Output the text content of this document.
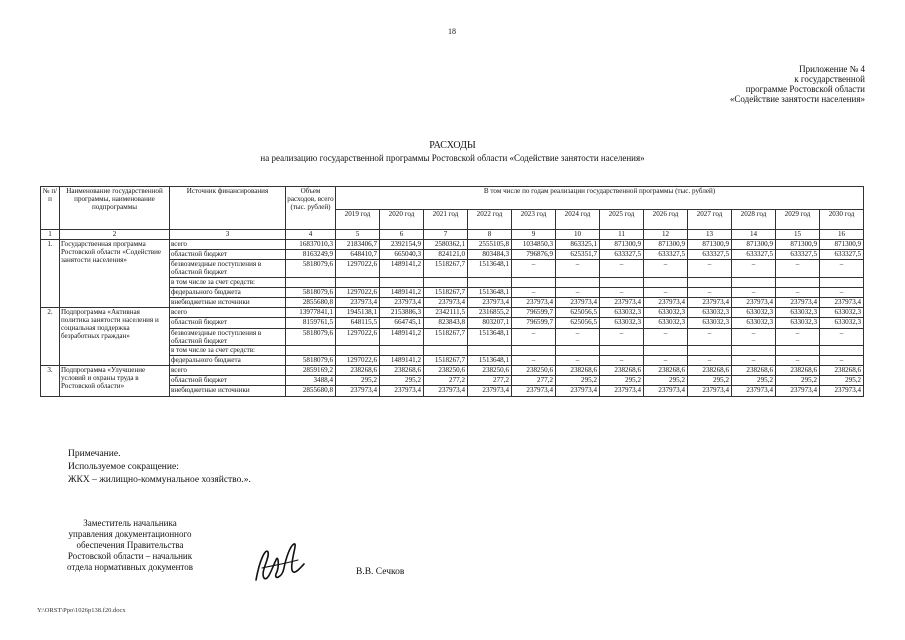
18
Приложение № 4
к государственной
программе Ростовской области
«Содействие занятости населения»
РАСХОДЫ
на реализацию государственной программы Ростовской области «Содействие занятости населения»
№ п/п	Наименование государственной программы, наименование подпрограммы	Источник финансирования	Объем расходов, всего (тыс. рублей)	В том числе по годам реализации государственной программы (тыс. рублей)											
				2019 год	2020 год	2021 год	2022 год	2023 год	2024 год	2025 год	2026 год	2027 год	2028 год	2029 год	2030 год
1	2	3	4	5	6	7	8	9	10	11	12	13	14	15	16
1.	Государственная программа Ростовской области «Содействие занятости населения»	всего	16837010,3	2183406,7	2392154,9	2580362,1	2555105,8	1034850,3	863325,1	871300,9	871300,9	871300,9	871300,9	871300,9	871300,9
		областной бюджет	8163249,9	648410,7	665040,3	824121,0	803484,3	796876,9	625351,7	633327,5	633327,5	633327,5	633327,5	633327,5	633327,5
		безвозмездные поступления в областной бюджет	5818079,6	1297022,6	1489141,2	1518267,7	1513648,1	–	–	–	–	–	–	–	–
		в том числе за счет средств:													
		федерального бюджета	5818079,6	1297022,6	1489141,2	1518267,7	1513648,1	–	–	–	–	–	–	–	–
		внебюджетные источники	2855680,8	237973,4	237973,4	237973,4	237973,4	237973,4	237973,4	237973,4	237973,4	237973,4	237973,4	237973,4	237973,4
2.	Подпрограмма «Активная политика занятости населения и социальная поддержка безработных граждан»	всего	13977841,1	1945138,1	2153886,3	2342111,5	2316855,2	796599,7	625056,5	633032,3	633032,3	633032,3	633032,3	633032,3	633032,3
		областной бюджет	8159761,5	648115,5	664745,1	823843,8	803207,1	796599,7	625056,5	633032,3	633032,3	633032,3	633032,3	633032,3	633032,3
		безвозмездные поступления в областной бюджет	5818079,6	1297022,6	1489141,2	1518267,7	1513648,1	–	–	–	–	–	–	–	–
		в том числе за счет средств:													
		федерального бюджета	5818079,6	1297022,6	1489141,2	1518267,7	1513648,1	–	–	–	–	–	–	–	–
3.	Подпрограмма «Улучшение условий и охраны труда в Ростовской области»	всего	2859169,2	238268,6	238268,6	238250,6	238250,6	238250,6	238268,6	238268,6	238268,6	238268,6	238268,6	238268,6	238268,6
		областной бюджет	3488,4	295,2	295,2	277,2	277,2	277,2	295,2	295,2	295,2	295,2	295,2	295,2	295,2
		внебюджетные источники	2855680,8	237973,4	237973,4	237973,4	237973,4	237973,4	237973,4	237973,4	237973,4	237973,4	237973,4	237973,4	237973,4
Примечание.
Используемое сокращение:
ЖКХ – жилищно-коммунальное хозяйство.».
Заместитель начальника
управления документационного
обеспечения Правительства
Ростовской области – начальник
отдела нормативных документов	В.В. Сечков
Y:\ORST\Ppo\1026p138.f20.docx
